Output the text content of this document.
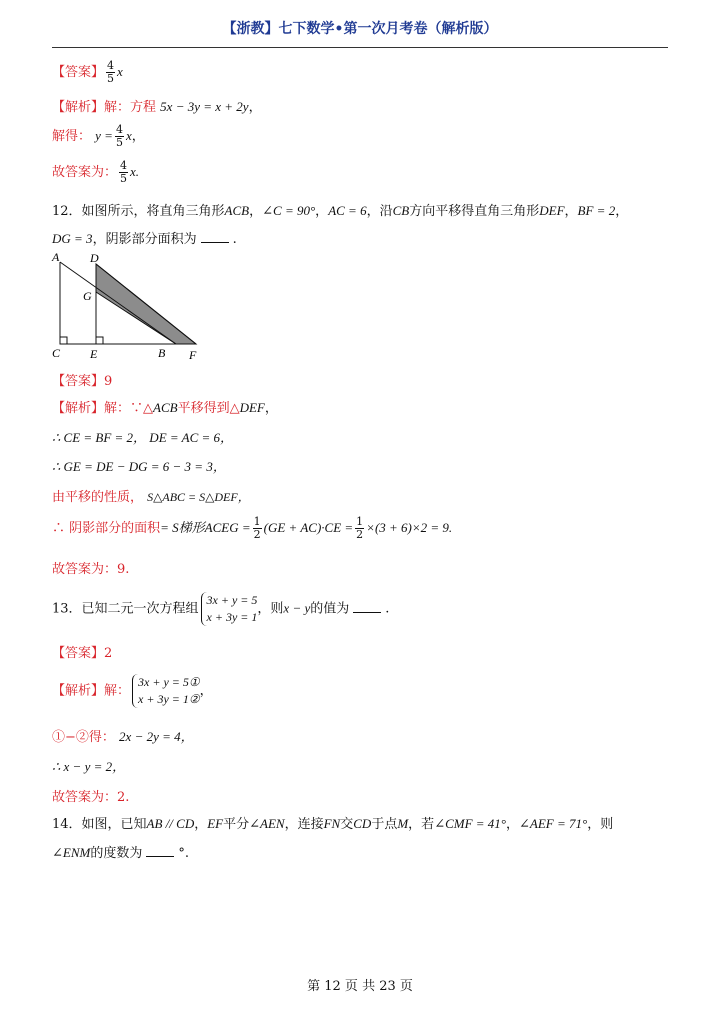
【浙教】七下数学•第一次月考卷（解析版）
【答案】 $\frac{4}{5}$ x
【解析】解：方程 5x − 3y = x + 2y，
解得： $y = \frac{4}{5}$ x，
故答案为： $\frac{4}{5} x$.
12．如图所示，将直角三角形ACB，∠C = 90°，AC = 6，沿CB方向平移得直角三角形DEF，BF = 2，
DG = 3，阴影部分面积为	.
A	D
G
C E	B F
【答案】9
【解析】解：∵△ACB平移得到△DEF，
∴ CE = BF = 2， DE = AC = 6，
∴ GE = DE − DG = 6 − 3 = 3，
由平移的性质， S△ABC = S△DEF，
∴ 阴影部分的面积= S梯形ACEG = $\frac{1}{2} (GE + AC)\cdot CE = \frac{1}{2} \times(3 + 6)\times 2 = 9$.
故答案为：9.
13．已知二元一次方程组
3x + y = 5
x + 3y = 1
，则x − y的值为	.
【答案】2
【解析】解：
3x + y = 5①
x + 3y = 1②
，
①−②得： 2x − 2y = 4，
∴ x − y = 2，
故答案为：2.
14．如图，已知AB // CD，EF平分∠AEN，连接FN交CD于点M，若∠CMF = 41°，∠AEF = 71°，则
∠ENM的度数为	°.
第 12 页 共 23 页
